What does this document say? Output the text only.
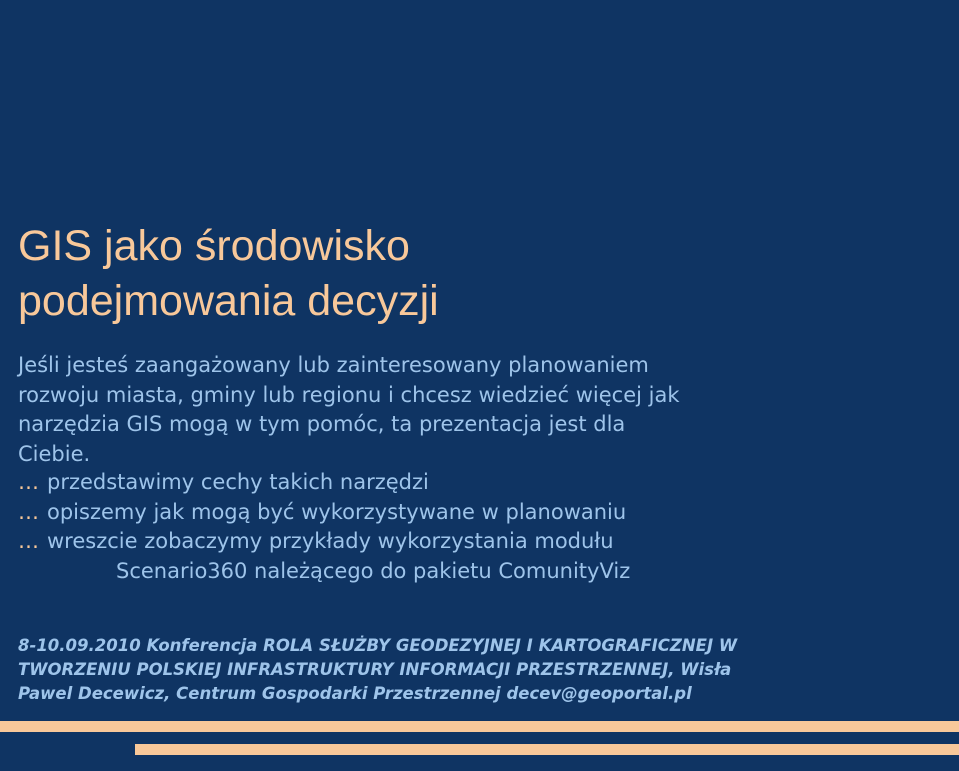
GIS jako środowisko
podejmowania decyzji
Jeśli jesteś zaangażowany lub zainteresowany planowaniem
rozwoju miasta, gminy lub regionu i chcesz wiedzieć więcej jak
narzędzia GIS mogą w tym pomóc, ta prezentacja jest dla
Ciebie.
… przedstawimy cechy takich narzędzi
… opiszemy jak mogą być wykorzystywane w planowaniu
… wreszcie zobaczymy przykłady wykorzystania modułu
Scenario360 należącego do pakietu ComunityViz
8-10.09.2010 Konferencja ROLA SŁUŻBY GEODEZYJNEJ I KARTOGRAFICZNEJ W
TWORZENIU POLSKIEJ INFRASTRUKTURY INFORMACJI PRZESTRZENNEJ, Wisła
Pawel Decewicz, Centrum Gospodarki Przestrzennej decev@geoportal.pl
